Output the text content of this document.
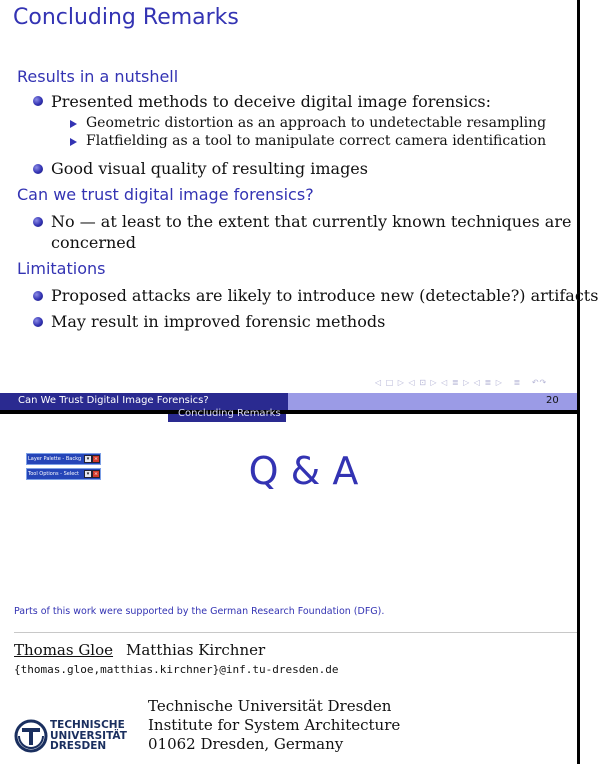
Concluding Remarks
Results in a nutshell
Presented methods to deceive digital image forensics:
Geometric distortion as an approach to undetectable resampling
Flatfielding as a tool to manipulate correct camera identification
Good visual quality of resulting images
Can we trust digital image forensics?
No — at least to the extent that currently known techniques are
concerned
Limitations
Proposed attacks are likely to introduce new (detectable?) artifacts
May result in improved forensic methods
◁ □ ▷ ◁ ⊡ ▷ ◁ ≣ ▷ ◁ ≣ ▷   ≣   ↶↷
Can We Trust Digital Image Forensics?	20
Concluding Remarks
Layer Palette - Backg	▾ ×
Tool Options - Select	▾ ×	Q & A
Parts of this work were supported by the German Research Foundation (DFG).
Thomas Gloe Matthias Kirchner
{thomas.gloe,matthias.kirchner}@inf.tu-dresden.de
TECHNISCHE
UNIVERSITÄT
DRESDEN
Technische Universität Dresden
Institute for System Architecture
01062 Dresden, Germany
